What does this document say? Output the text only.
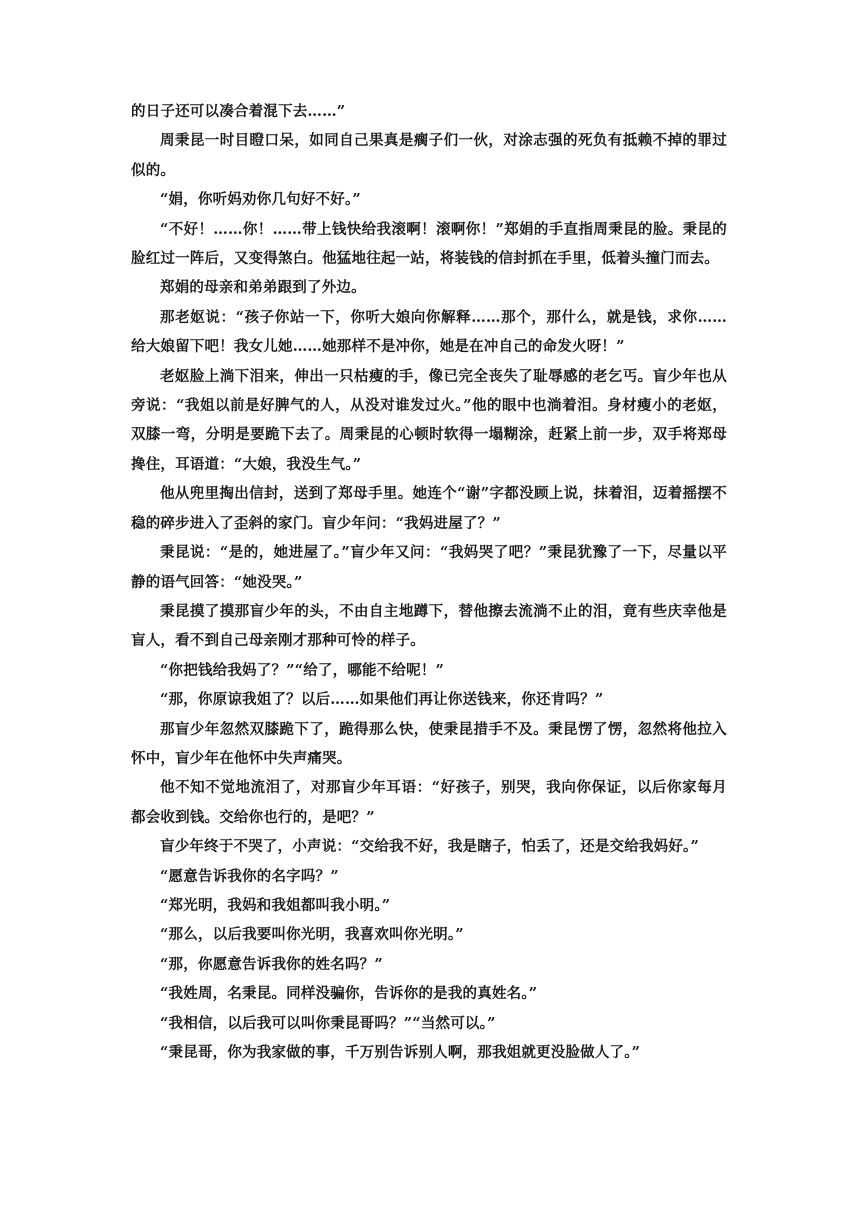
的日子还可以凑合着混下去……”

周秉昆一时目瞪口呆，如同自己果真是瘸子们一伙，对涂志强的死负有抵赖不掉的罪过似的。

“娟，你听妈劝你几句好不好。”

“不好！……你！……带上钱快给我滚啊！滚啊你！”郑娟的手直指周秉昆的脸。秉昆的脸红过一阵后，又变得煞白。他猛地往起一站，将装钱的信封抓在手里，低着头撞门而去。

郑娟的母亲和弟弟跟到了外边。

那老妪说：“孩子你站一下，你听大娘向你解释……那个，那什么，就是钱，求你……给大娘留下吧！我女儿她……她那样不是冲你，她是在冲自己的命发火呀！”

老妪脸上淌下泪来，伸出一只枯瘦的手，像已完全丧失了耻辱感的老乞丐。盲少年也从旁说：“我姐以前是好脾气的人，从没对谁发过火。”他的眼中也淌着泪。身材瘦小的老妪，双膝一弯，分明是要跪下去了。周秉昆的心顿时软得一塌糊涂，赶紧上前一步，双手将郑母搀住，耳语道：“大娘，我没生气。”

他从兜里掏出信封，送到了郑母手里。她连个“谢”字都没顾上说，抹着泪，迈着摇摆不稳的碎步进入了歪斜的家门。盲少年问：“我妈进屋了？”

秉昆说：“是的，她进屋了。”盲少年又问：“我妈哭了吧？”秉昆犹豫了一下，尽量以平静的语气回答：“她没哭。”

秉昆摸了摸那盲少年的头，不由自主地蹲下，替他擦去流淌不止的泪，竟有些庆幸他是盲人，看不到自己母亲刚才那种可怜的样子。

“你把钱给我妈了？”“给了，哪能不给呢！”

“那，你原谅我姐了？以后……如果他们再让你送钱来，你还肯吗？”

那盲少年忽然双膝跪下了，跪得那么快，使秉昆措手不及。秉昆愣了愣，忽然将他拉入怀中，盲少年在他怀中失声痛哭。

他不知不觉地流泪了，对那盲少年耳语：“好孩子，别哭，我向你保证，以后你家每月都会收到钱。交给你也行的，是吧？”

盲少年终于不哭了，小声说：“交给我不好，我是瞎子，怕丢了，还是交给我妈好。”

“愿意告诉我你的名字吗？”

“郑光明，我妈和我姐都叫我小明。”

“那么，以后我要叫你光明，我喜欢叫你光明。”

“那，你愿意告诉我你的姓名吗？”

“我姓周，名秉昆。同样没骗你，告诉你的是我的真姓名。”

“我相信，以后我可以叫你秉昆哥吗？”“当然可以。”

“秉昆哥，你为我家做的事，千万别告诉别人啊，那我姐就更没脸做人了。”
